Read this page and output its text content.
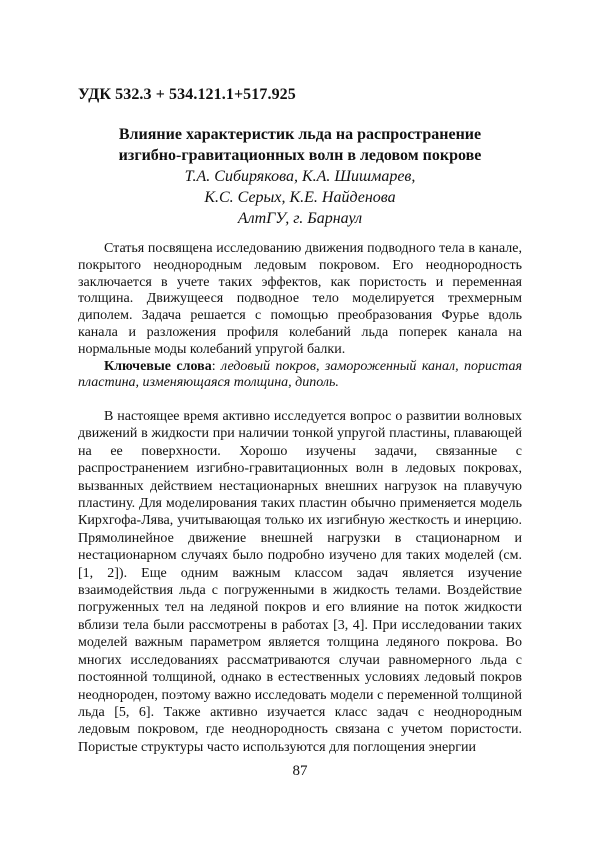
УДК 532.3 + 534.121.1+517.925
Влияние характеристик льда на распространение
изгибно-гравитационных волн в ледовом покрове
Т.А. Сибирякова, К.А. Шишмарев,
К.С. Серых, К.Е. Найденова
АлтГУ, г. Барнаул

Статья посвящена исследованию движения подводного тела в канале, покрытого неоднородным ледовым покровом. Его неоднородность заключается в учете таких эффектов, как пористость и переменная толщина. Движущееся подводное тело моделируется трехмерным диполем. Задача решается с помощью преобразования Фурье вдоль канала и разложения профиля колебаний льда поперек канала на нормальные моды колебаний упругой балки.

Ключевые слова: ледовый покров, замороженный канал, пористая пластина, изменяющаяся толщина, диполь.

В настоящее время активно исследуется вопрос о развитии волновых движений в жидкости при наличии тонкой упругой пластины, плавающей на ее поверхности. Хорошо изучены задачи, связанные с распространением изгибно-гравитационных волн в ледовых покровах, вызванных действием нестационарных внешних нагрузок на плавучую пластину. Для моделирования таких пластин обычно применяется модель Кирхгофа-Лява, учитывающая только их изгибную жесткость и инерцию. Прямолинейное движение внешней нагрузки в стационарном и нестационарном случаях было подробно изучено для таких моделей (см. [1, 2]). Еще одним важным классом задач является изучение взаимодействия льда с погруженными в жидкость телами. Воздействие погруженных тел на ледяной покров и его влияние на поток жидкости вблизи тела были рассмотрены в работах [3, 4]. При исследовании таких моделей важным параметром является толщина ледяного покрова. Во многих исследованиях рассматриваются случаи равномерного льда с постоянной толщиной, однако в естественных условиях ледовый покров неоднороден, поэтому важно исследовать модели с переменной толщиной льда [5, 6]. Также активно изучается класс задач с неоднородным ледовым покровом, где неоднородность связана с учетом пористости. Пористые структуры часто используются для поглощения энергии

87
